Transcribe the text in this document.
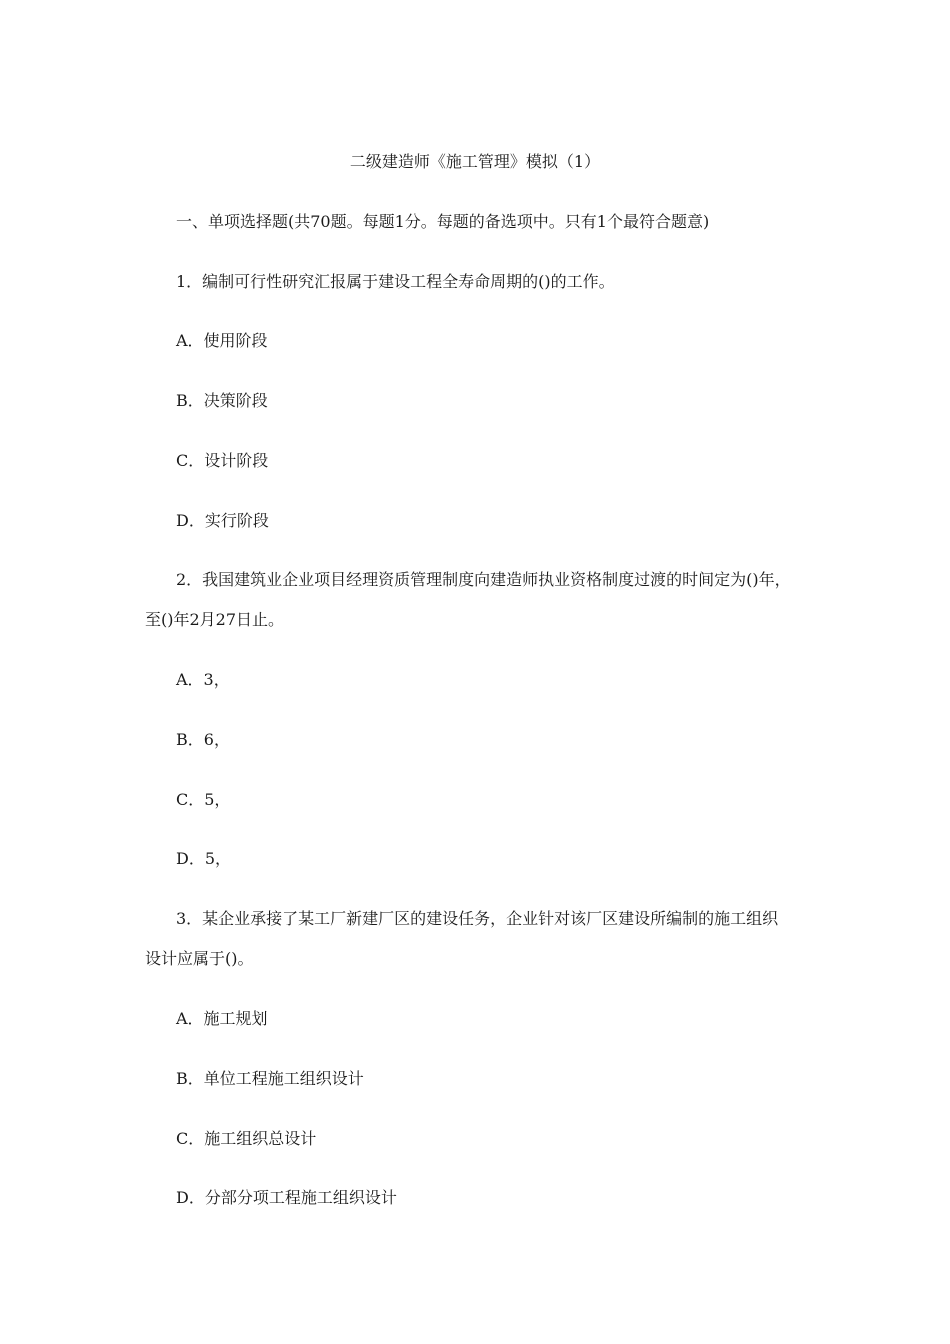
二级建造师《施工管理》模拟（1）
一、单项选择题(共70题。每题1分。每题的备选项中。只有1个最符合题意)
1．编制可行性研究汇报属于建设工程全寿命周期的()的工作。
A．使用阶段
B．决策阶段
C．设计阶段
D．实行阶段
2．我国建筑业企业项目经理资质管理制度向建造师执业资格制度过渡的时间定为()年，
至()年2月27日止。
A．3，
B．6，
C．5，
D．5，
3．某企业承接了某工厂新建厂区的建设任务，企业针对该厂区建设所编制的施工组织
设计应属于()。
A．施工规划
B．单位工程施工组织设计
C．施工组织总设计
D．分部分项工程施工组织设计
